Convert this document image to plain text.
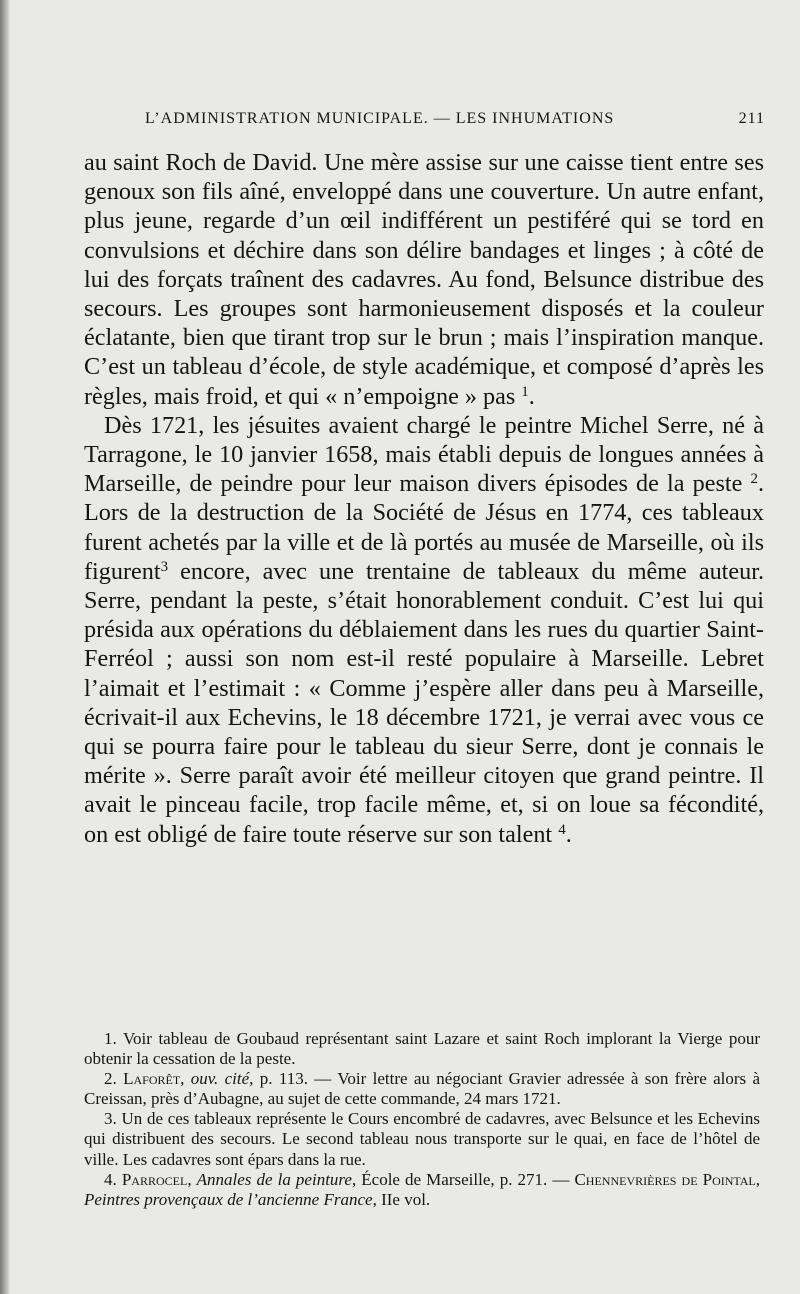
L’ADMINISTRATION MUNICIPALE. — LES INHUMATIONS	211

au saint Roch de David. Une mère assise sur une caisse tient entre ses genoux son fils aîné, enveloppé dans une couverture. Un autre enfant, plus jeune, regarde d’un œil indifférent un pestiféré qui se tord en convulsions et déchire dans son délire bandages et linges ; à côté de lui des forçats traînent des cadavres. Au fond, Belsunce distribue des secours. Les groupes sont harmonieusement disposés et la couleur éclatante, bien que tirant trop sur le brun ; mais l’inspiration manque. C’est un tableau d’école, de style académique, et composé d’après les règles, mais froid, et qui « n’empoigne » pas $^1$.

Dès 1721, les jésuites avaient chargé le peintre Michel Serre, né à Tarragone, le 10 janvier 1658, mais établi depuis de longues années à Marseille, de peindre pour leur maison divers épisodes de la peste $^2$. Lors de la destruction de la Société de Jésus en 1774, ces tableaux furent achetés par la ville et de là portés au musée de Marseille, où ils figurent$^3$ encore, avec une trentaine de tableaux du même auteur. Serre, pendant la peste, s’était honorablement conduit. C’est lui qui présida aux opérations du déblaiement dans les rues du quartier Saint-Ferréol ; aussi son nom est-il resté populaire à Marseille. Lebret l’aimait et l’estimait : « Comme j’espère aller dans peu à Marseille, écrivait-il aux Echevins, le 18 décembre 1721, je verrai avec vous ce qui se pourra faire pour le tableau du sieur Serre, dont je connais le mérite ». Serre paraît avoir été meilleur citoyen que grand peintre. Il avait le pinceau facile, trop facile même, et, si on loue sa fécondité, on est obligé de faire toute réserve sur son talent $^4$.

1. Voir tableau de Goubaud représentant saint Lazare et saint Roch implorant la Vierge pour obtenir la cessation de la peste.

2. Laforêt, ouv. cité, p. 113. — Voir lettre au négociant Gravier adressée à son frère alors à Creissan, près d’Aubagne, au sujet de cette commande, 24 mars 1721.

3. Un de ces tableaux représente le Cours encombré de cadavres, avec Belsunce et les Echevins qui distribuent des secours. Le second tableau nous transporte sur le quai, en face de l’hôtel de ville. Les cadavres sont épars dans la rue.

4. Parrocel, Annales de la peinture, École de Marseille, p. 271. — Chennevrières de Pointal, Peintres provençaux de l’ancienne France, IIe vol.
